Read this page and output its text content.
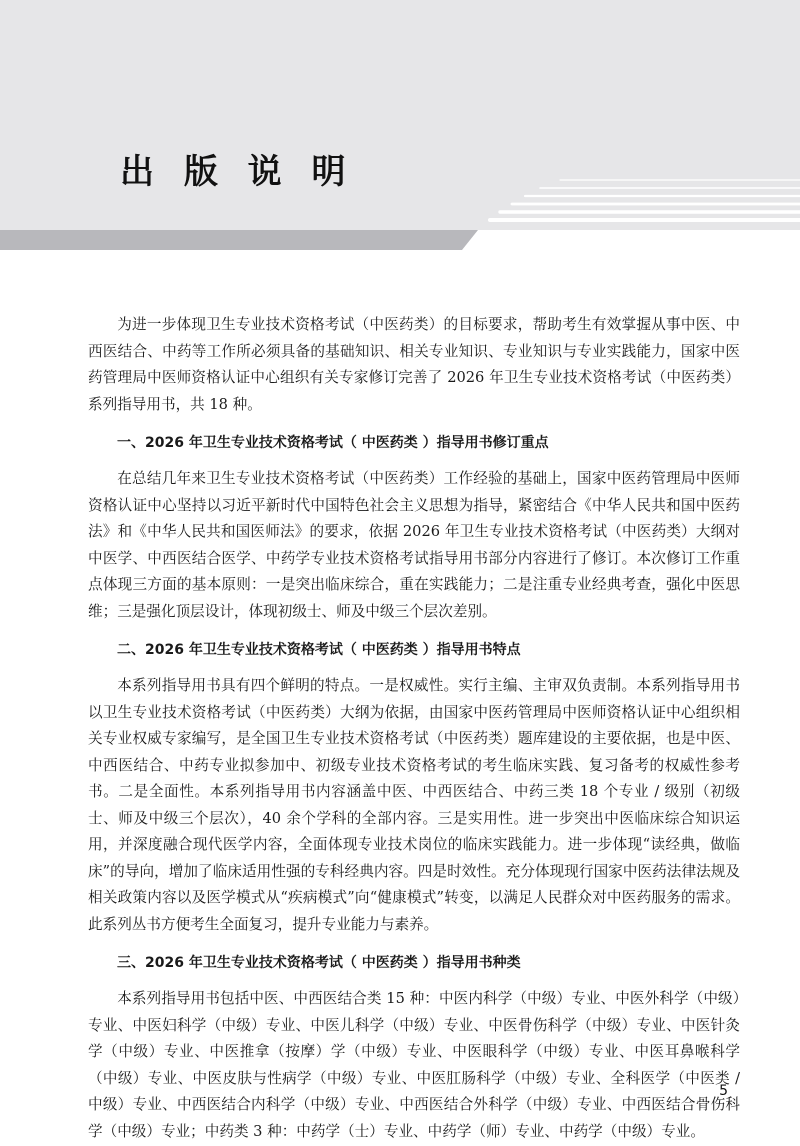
出 版 说 明

为进一步体现卫生专业技术资格考试（中医药类）的目标要求，帮助考生有效掌握从事中医、中西医结合、中药等工作所必须具备的基础知识、相关专业知识、专业知识与专业实践能力，国家中医药管理局中医师资格认证中心组织有关专家修订完善了 2026 年卫生专业技术资格考试（中医药类）系列指导用书，共 18 种。

一、2026 年卫生专业技术资格考试（ 中医药类 ）指导用书修订重点

在总结几年来卫生专业技术资格考试（中医药类）工作经验的基础上，国家中医药管理局中医师资格认证中心坚持以习近平新时代中国特色社会主义思想为指导，紧密结合《中华人民共和国中医药法》和《中华人民共和国医师法》的要求，依据 2026 年卫生专业技术资格考试（中医药类）大纲对中医学、中西医结合医学、中药学专业技术资格考试指导用书部分内容进行了修订。本次修订工作重点体现三方面的基本原则：一是突出临床综合，重在实践能力；二是注重专业经典考查，强化中医思维；三是强化顶层设计，体现初级士、师及中级三个层次差别。

二、2026 年卫生专业技术资格考试（ 中医药类 ）指导用书特点

本系列指导用书具有四个鲜明的特点。一是权威性。实行主编、主审双负责制。本系列指导用书以卫生专业技术资格考试（中医药类）大纲为依据，由国家中医药管理局中医师资格认证中心组织相关专业权威专家编写，是全国卫生专业技术资格考试（中医药类）题库建设的主要依据，也是中医、中西医结合、中药专业拟参加中、初级专业技术资格考试的考生临床实践、复习备考的权威性参考书。二是全面性。本系列指导用书内容涵盖中医、中西医结合、中药三类 18 个专业 / 级别（初级士、师及中级三个层次），40 余个学科的全部内容。三是实用性。进一步突出中医临床综合知识运用，并深度融合现代医学内容，全面体现专业技术岗位的临床实践能力。进一步体现“读经典，做临床”的导向，增加了临床适用性强的专科经典内容。四是时效性。充分体现现行国家中医药法律法规及相关政策内容以及医学模式从“疾病模式”向“健康模式”转变，以满足人民群众对中医药服务的需求。此系列丛书方便考生全面复习，提升专业能力与素养。

三、2026 年卫生专业技术资格考试（ 中医药类 ）指导用书种类

本系列指导用书包括中医、中西医结合类 15 种：中医内科学（中级）专业、中医外科学（中级）专业、中医妇科学（中级）专业、中医儿科学（中级）专业、中医骨伤科学（中级）专业、中医针灸学（中级）专业、中医推拿（按摩）学（中级）专业、中医眼科学（中级）专业、中医耳鼻喉科学（中级）专业、中医皮肤与性病学（中级）专业、中医肛肠科学（中级）专业、全科医学（中医类 / 中级）专业、中西医结合内科学（中级）专业、中西医结合外科学（中级）专业、中西医结合骨伤科学（中级）专业；中药类 3 种：中药学（士）专业、中药学（师）专业、中药学（中级）专业。

5
